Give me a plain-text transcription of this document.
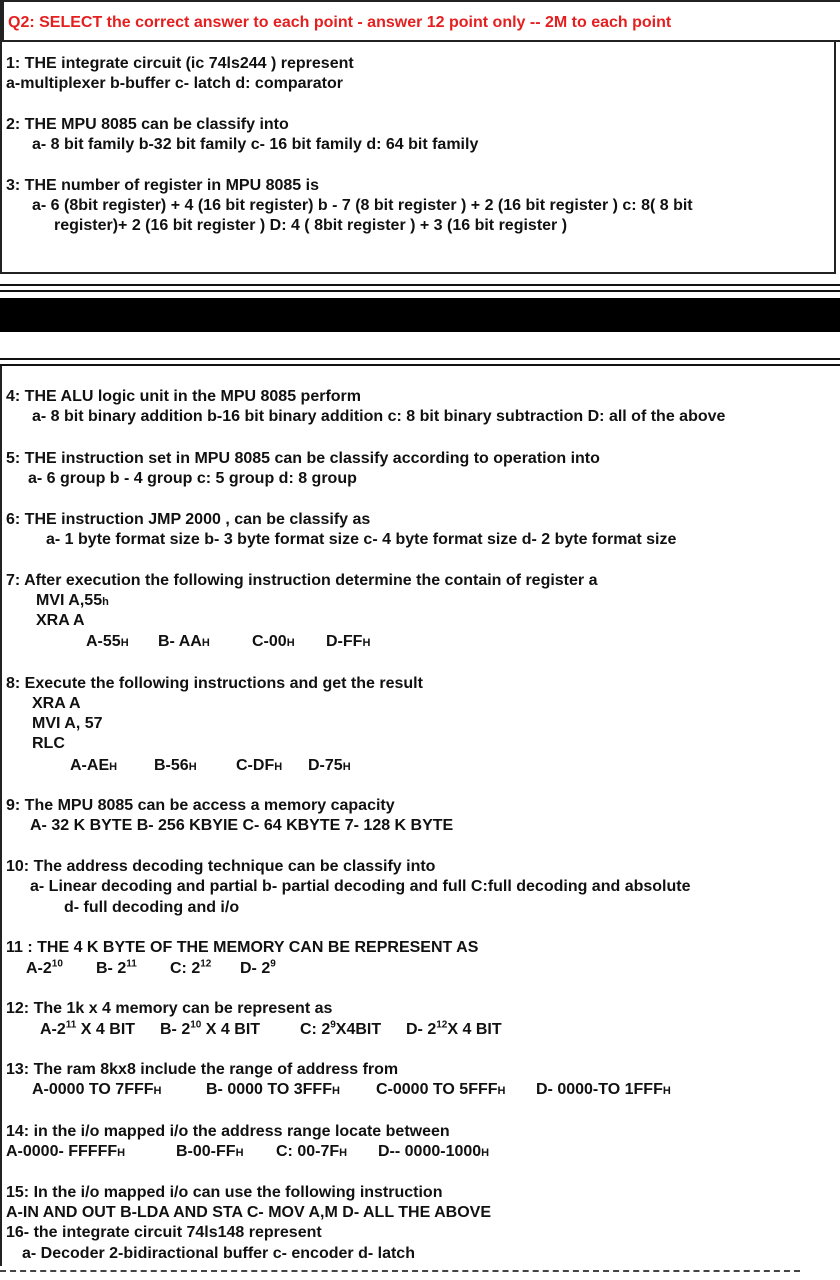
Q2: SELECT the correct answer to each point - answer 12 point only -- 2M to each point
1: THE integrate circuit (ic 74ls244 ) represent
a-multiplexer b-buffer c- latch d: comparator
2: THE MPU 8085 can be classify into
a- 8 bit family b-32 bit family c- 16 bit family d: 64 bit family
3: THE number of register in MPU 8085 is
a- 6 (8bit register) + 4 (16 bit register) b - 7 (8 bit register ) + 2 (16 bit register ) c: 8( 8 bit
register)+ 2 (16 bit register ) D: 4 ( 8bit register ) + 3 (16 bit register )
4: THE ALU logic unit in the MPU 8085 perform
a- 8 bit binary addition b-16 bit binary addition c: 8 bit binary subtraction D: all of the above
5: THE instruction set in MPU 8085 can be classify according to operation into
a- 6 group b - 4 group c: 5 group d: 8 group
6: THE instruction JMP 2000 , can be classify as
a- 1 byte format size b- 3 byte format size c- 4 byte format size d- 2 byte format size
7: After execution the following instruction determine the contain of register a
MVI A,55h
XRA A
A-55H B- AAH	C-00H D-FFH
8: Execute the following instructions and get the result
XRA A
MVI A, 57
RLC
A-AEH B-56H C-DFH D-75H
9: The MPU 8085 can be access a memory capacity
A- 32 K BYTE B- 256 KBYIE C- 64 KBYTE 7- 128 K BYTE
10: The address decoding technique can be classify into
a- Linear decoding and partial b- partial decoding and full C:full decoding and absolute
d- full decoding and i/o
11 : THE 4 K BYTE OF THE MEMORY CAN BE REPRESENT AS
$A-2^{10}$ B- $2^{11}$ C: $2^{12}$ D- $2^9$
12: The 1k x 4 memory can be represent as
$A-2^{11}$ X 4 BIT B- $2^{10}$ X 4 BIT C: $2^9X4BIT$ D- $2^{12}X$ 4 BIT
13: The ram 8kx8 include the range of address from
A-0000 TO 7FFFH	B- 0000 TO 3FFFH C-0000 TO 5FFFH D- 0000-TO 1FFFH
14: in the i/o mapped i/o the address range locate between
A-0000- FFFFFH	B-00-FFH C: 00-7FH D-- 0000-1000H
15: In the i/o mapped i/o can use the following instruction
A-IN AND OUT B-LDA AND STA C- MOV A,M D- ALL THE ABOVE
16- the integrate circuit 74ls148 represent
a- Decoder 2-bidiractional buffer c- encoder d- latch
